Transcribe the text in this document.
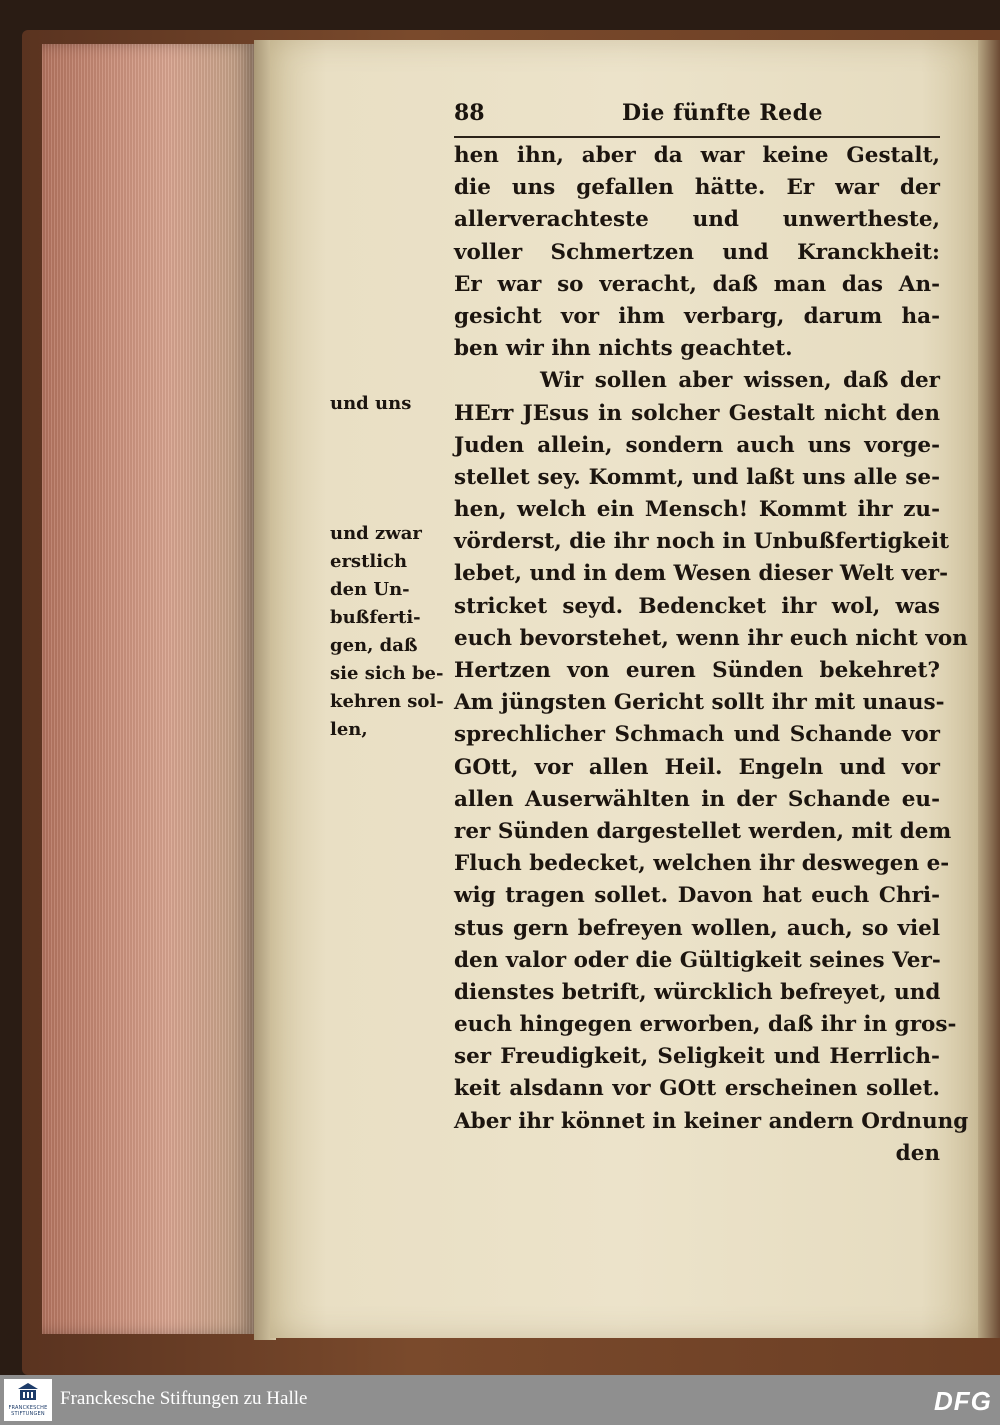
88	Die fünfte Rede
hen ihn, aber da war keine Gestalt,
die uns gefallen hätte. Er war der
allerverachteste und unwertheste,
voller Schmertzen und Kranckheit:
Er war so veracht, daß man das An-
gesicht vor ihm verbarg, darum ha-
ben wir ihn nichts geachtet.
Wir sollen aber wissen, daß der
HErr JEsus in solcher Gestalt nicht den
Juden allein, sondern auch uns vorge-
stellet sey. Kommt, und laßt uns alle se-
hen, welch ein Mensch! Kommt ihr zu-
vörderst, die ihr noch in Unbußfertigkeit
lebet, und in dem Wesen dieser Welt ver-
stricket seyd. Bedencket ihr wol, was
euch bevorstehet, wenn ihr euch nicht von
Hertzen von euren Sünden bekehret?
Am jüngsten Gericht sollt ihr mit unaus-
sprechlicher Schmach und Schande vor
GOtt, vor allen Heil. Engeln und vor
allen Auserwählten in der Schande eu-
rer Sünden dargestellet werden, mit dem
Fluch bedecket, welchen ihr deswegen e-
wig tragen sollet. Davon hat euch Chri-
stus gern befreyen wollen, auch, so viel
den valor oder die Gültigkeit seines Ver-
dienstes betrift, würcklich befreyet, und
euch hingegen erworben, daß ihr in gros-
ser Freudigkeit, Seligkeit und Herrlich-
keit alsdann vor GOtt erscheinen sollet.
Aber ihr könnet in keiner andern Ordnung
den
und uns
und zwar
erstlich
den Un-
bußferti-
gen, daß
sie sich be-
kehren sol-
len,
FRANCKESCHE
STIFTUNGEN
Franckesche Stiftungen zu Halle	DFG
